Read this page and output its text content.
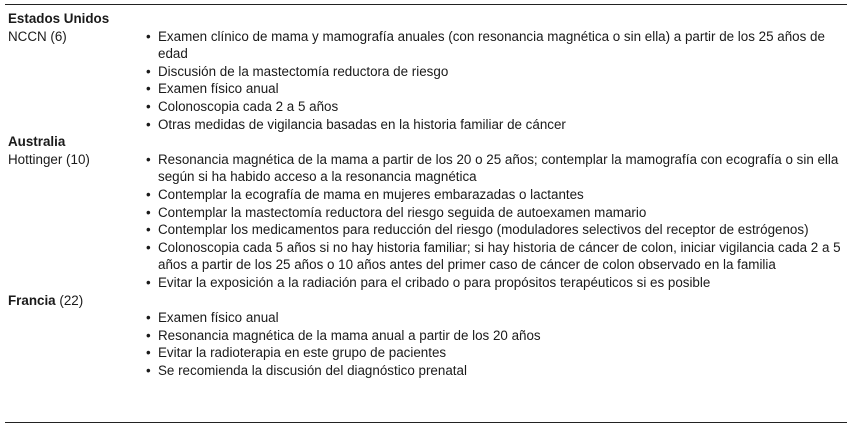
Estados Unidos
NCCN (6)	• Examen clínico de mama y mamografía anuales (con resonancia magnética o sin ella) a partir de los 25 años de edad
• Discusión de la mastectomía reductora de riesgo
• Examen físico anual
• Colonoscopia cada 2 a 5 años
• Otras medidas de vigilancia basadas en la historia familiar de cáncer
Australia
Hottinger (10)	• Resonancia magnética de la mama a partir de los 20 o 25 años; contemplar la mamografía con ecografía o sin ella según si ha habido acceso a la resonancia magnética
• Contemplar la ecografía de mama en mujeres embarazadas o lactantes
• Contemplar la mastectomía reductora del riesgo seguida de autoexamen mamario
• Contemplar los medicamentos para reducción del riesgo (moduladores selectivos del receptor de estrógenos)
• Colonoscopia cada 5 años si no hay historia familiar; si hay historia de cáncer de colon, iniciar vigilancia cada 2 a 5 años a partir de los 25 años o 10 años antes del primer caso de cáncer de colon observado en la familia
• Evitar la exposición a la radiación para el cribado o para propósitos terapéuticos si es posible
Francia (22)
• Examen físico anual
• Resonancia magnética de la mama anual a partir de los 20 años
• Evitar la radioterapia en este grupo de pacientes
• Se recomienda la discusión del diagnóstico prenatal
